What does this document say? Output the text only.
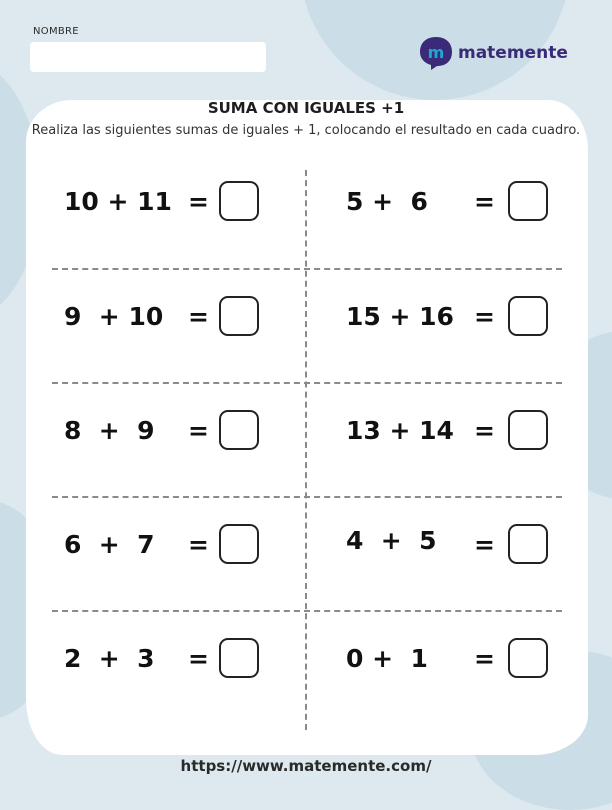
NOMBRE
m matemente
SUMA CON IGUALES +1

Realiza las siguientes sumas de iguales + 1, colocando el resultado en cada cuadro.

10 + 11 =	5 +  6 =
9  + 10 =	15 + 16 =
8  +  9 =	13 + 14 =
6  +  7 =	4  +  5 =
2  +  3 =	0 +  1 =
https://www.matemente.com/
